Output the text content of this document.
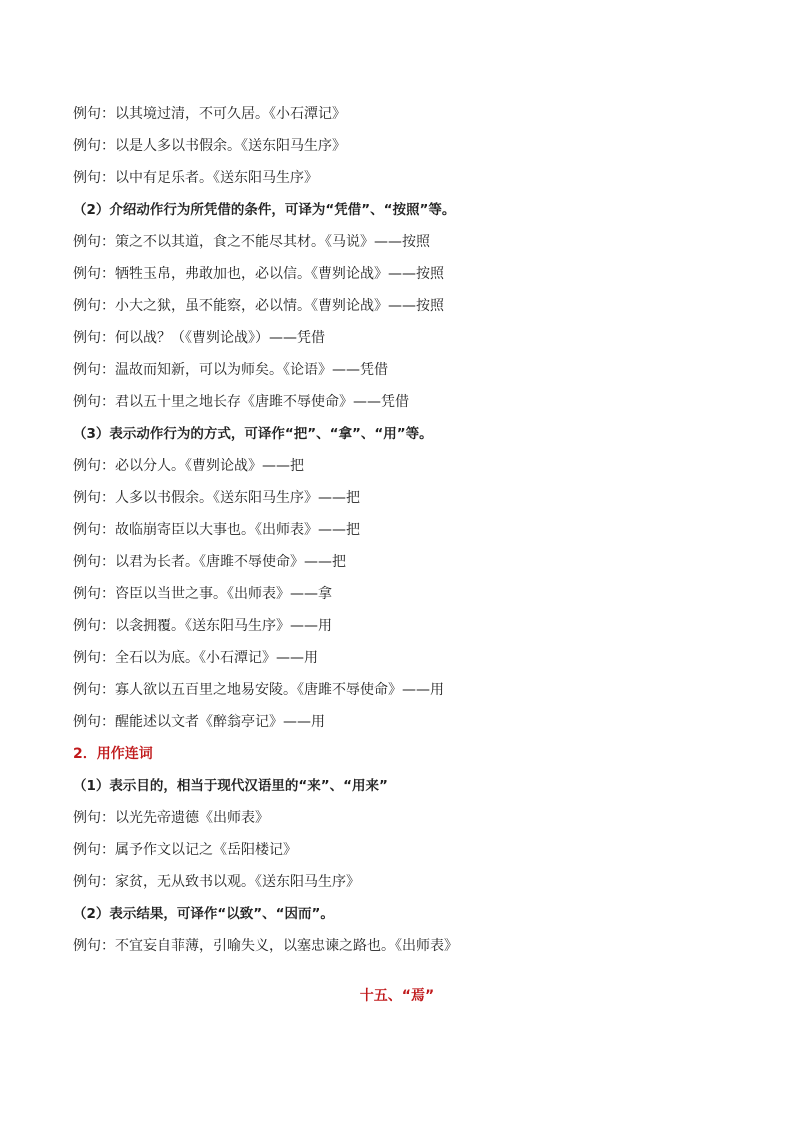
例句：以其境过清，不可久居。《小石潭记》
例句：以是人多以书假余。《送东阳马生序》
例句：以中有足乐者。《送东阳马生序》
（2）介绍动作行为所凭借的条件，可译为“凭借”、“按照”等。
例句：策之不以其道，食之不能尽其材。《马说》——按照
例句：牺牲玉帛，弗敢加也，必以信。《曹刿论战》——按照
例句：小大之狱，虽不能察，必以情。《曹刿论战》——按照
例句：何以战？（《曹刿论战》）——凭借
例句：温故而知新，可以为师矣。《论语》——凭借
例句：君以五十里之地长存《唐雎不辱使命》——凭借
（3）表示动作行为的方式，可译作“把”、“拿”、“用”等。
例句：必以分人。《曹刿论战》——把
例句：人多以书假余。《送东阳马生序》——把
例句：故临崩寄臣以大事也。《出师表》——把
例句：以君为长者。《唐雎不辱使命》——把
例句：咨臣以当世之事。《出师表》——拿
例句：以衾拥覆。《送东阳马生序》——用
例句：全石以为底。《小石潭记》——用
例句：寡人欲以五百里之地易安陵。《唐雎不辱使命》——用
例句：醒能述以文者《醉翁亭记》——用
2．用作连词
（1）表示目的，相当于现代汉语里的“来”、“用来”
例句：以光先帝遗德《出师表》
例句：属予作文以记之《岳阳楼记》
例句：家贫，无从致书以观。《送东阳马生序》
（2）表示结果，可译作“以致”、“因而”。
例句：不宜妄自菲薄，引喻失义，以塞忠谏之路也。《出师表》
十五、“焉”
